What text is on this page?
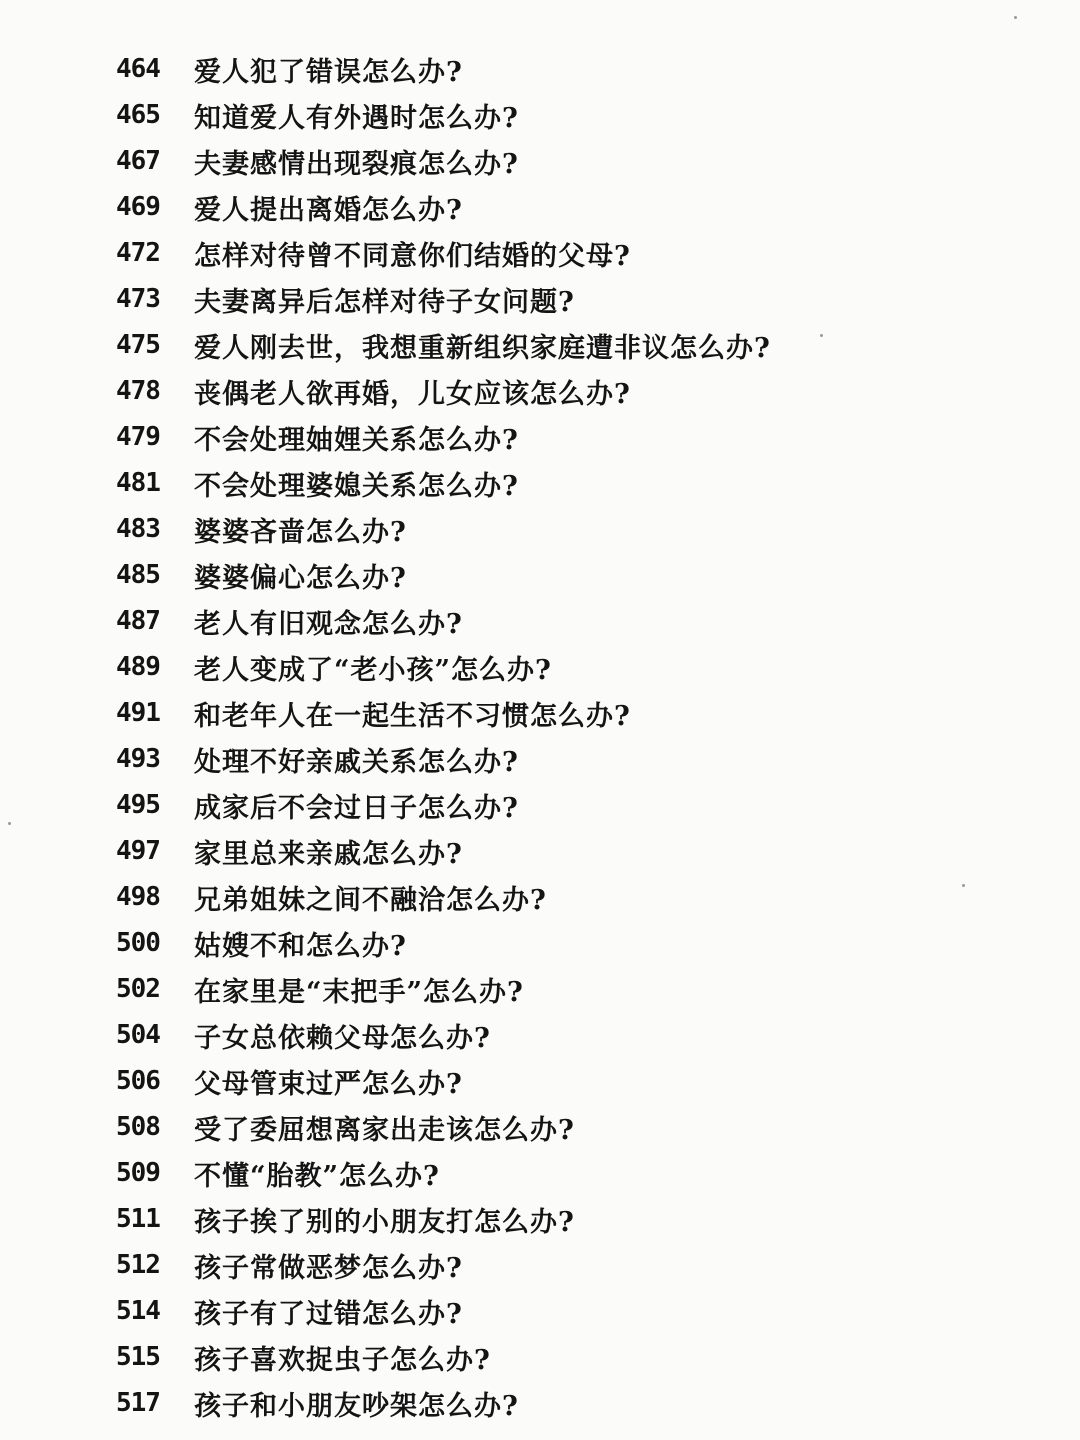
464	爱人犯了错误怎么办?
465	知道爱人有外遇时怎么办?
467	夫妻感情出现裂痕怎么办?
469	爱人提出离婚怎么办?
472	怎样对待曾不同意你们结婚的父母?
473	夫妻离异后怎样对待子女问题?
475	爱人刚去世，我想重新组织家庭遭非议怎么办?
478	丧偶老人欲再婚，儿女应该怎么办?
479	不会处理妯娌关系怎么办?
481	不会处理婆媳关系怎么办?
483	婆婆吝啬怎么办?
485	婆婆偏心怎么办?
487	老人有旧观念怎么办?
489	老人变成了“老小孩”怎么办?
491	和老年人在一起生活不习惯怎么办?
493	处理不好亲戚关系怎么办?
495	成家后不会过日子怎么办?
497	家里总来亲戚怎么办?
498	兄弟姐妹之间不融洽怎么办?
500	姑嫂不和怎么办?
502	在家里是“末把手”怎么办?
504	子女总依赖父母怎么办?
506	父母管束过严怎么办?
508	受了委屈想离家出走该怎么办?
509	不懂“胎教”怎么办?
511	孩子挨了别的小朋友打怎么办?
512	孩子常做恶梦怎么办?
514	孩子有了过错怎么办?
515	孩子喜欢捉虫子怎么办?
517	孩子和小朋友吵架怎么办?
